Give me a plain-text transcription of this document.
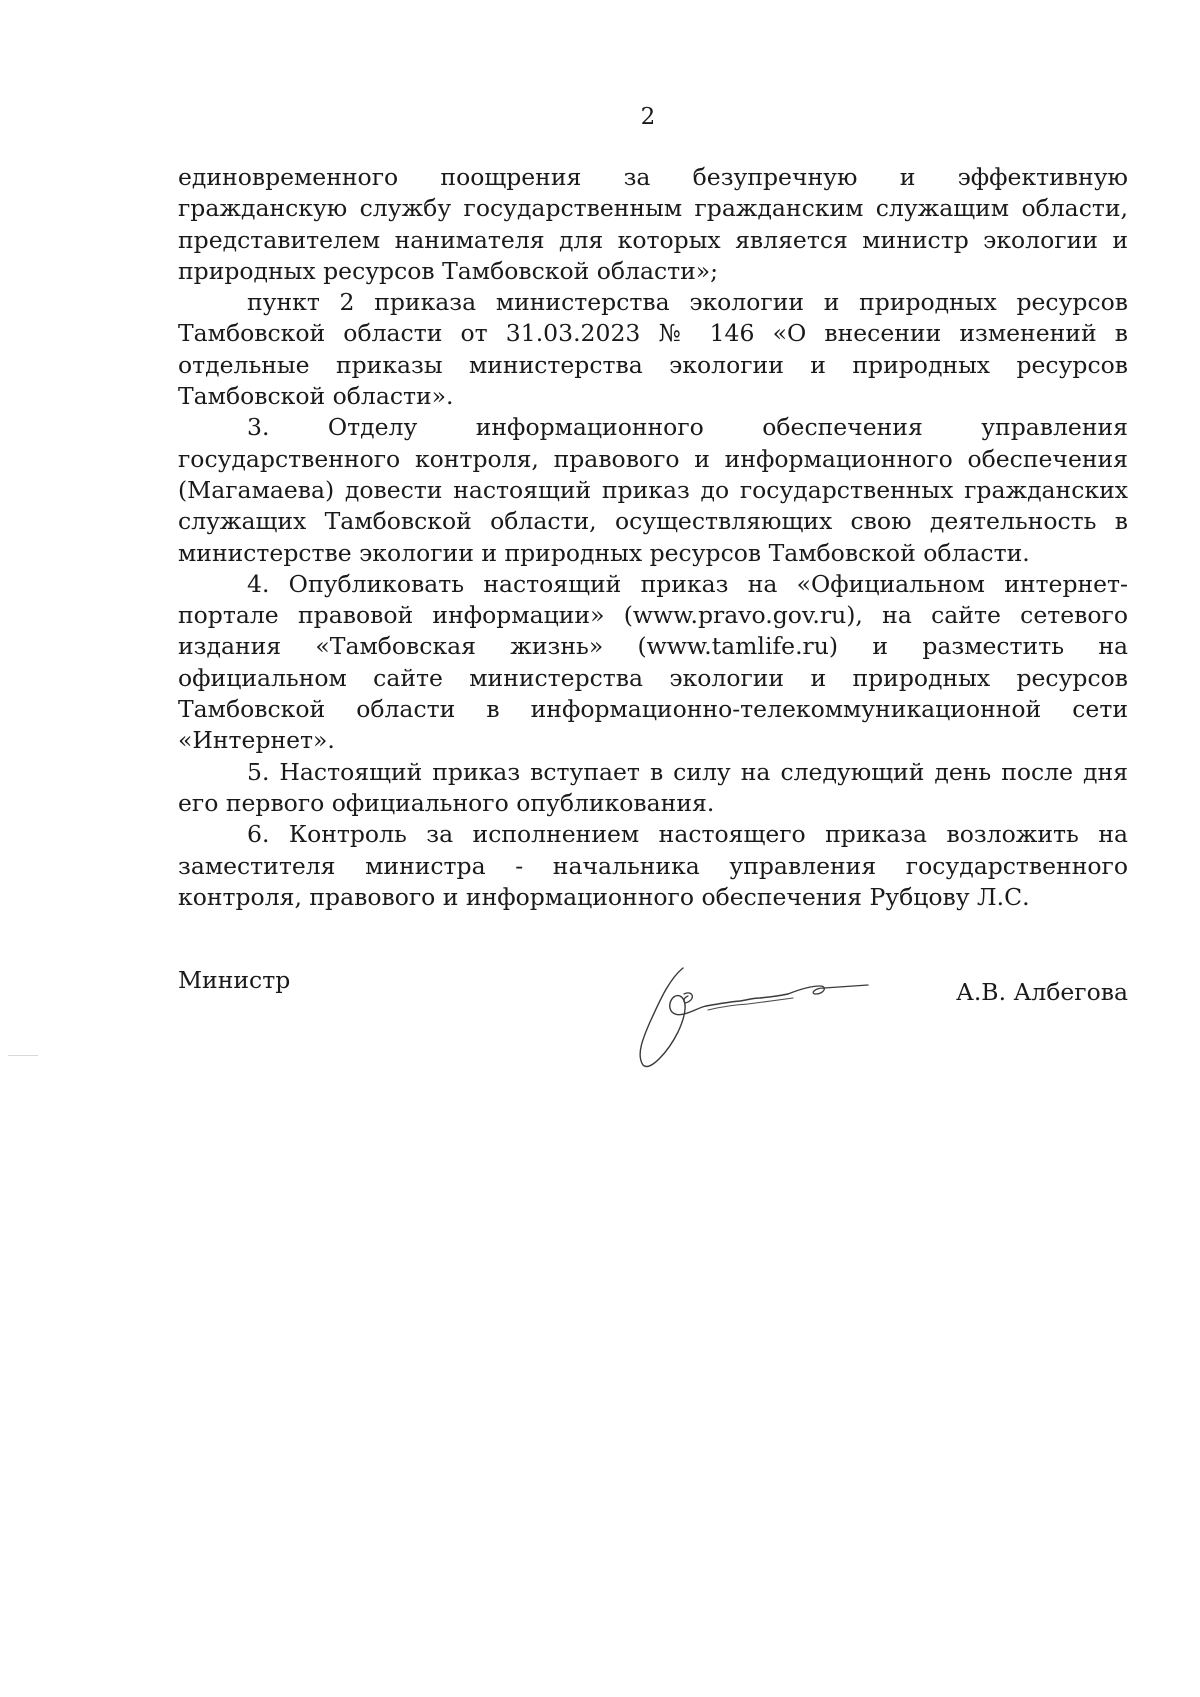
2

единовременного поощрения за безупречную и эффективную гражданскую службу государственным гражданским служащим области, представителем нанимателя для которых является министр экологии и природных ресурсов Тамбовской области»;

пункт 2 приказа министерства экологии и природных ресурсов Тамбовской области от 31.03.2023 № 146 «О внесении изменений в отдельные приказы министерства экологии и природных ресурсов Тамбовской области».

3. Отделу информационного обеспечения управления государственного контроля, правового и информационного обеспечения (Магамаева) довести настоящий приказ до государственных гражданских служащих Тамбовской области, осуществляющих свою деятельность в министерстве экологии и природных ресурсов Тамбовской области.

4. Опубликовать настоящий приказ на «Официальном интернет-портале правовой информации» (www.pravo.gov.ru), на сайте сетевого издания «Тамбовская жизнь» (www.tamlife.ru) и разместить на официальном сайте министерства экологии и природных ресурсов Тамбовской области в информационно-телекоммуникационной сети «Интернет».

5. Настоящий приказ вступает в силу на следующий день после дня его первого официального опубликования.

6. Контроль за исполнением настоящего приказа возложить на заместителя министра - начальника управления государственного контроля, правового и информационного обеспечения Рубцову Л.С.

Министр	А.В. Албегова
